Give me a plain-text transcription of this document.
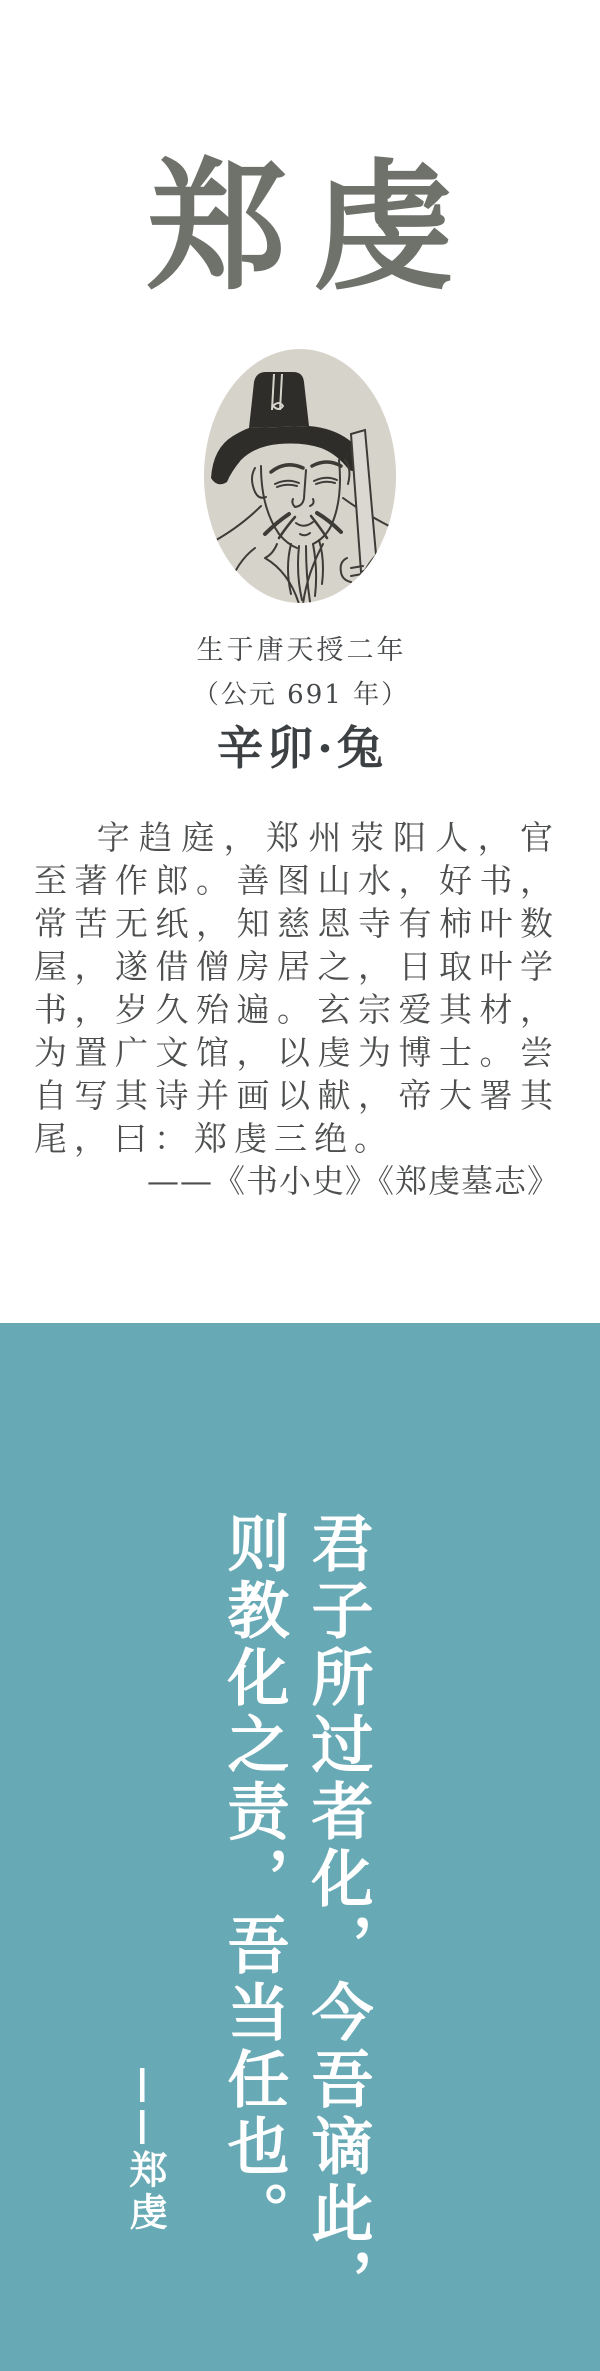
郑虔
生于唐天授二年
（公元 691 年）
辛卯·兔

字趋庭，郑州荥阳人，官至著作郎。善图山水，好书，常苦无纸，知慈恩寺有柿叶数屋，遂借僧房居之，日取叶学书，岁久殆遍。玄宗爱其材，为置广文馆，以虔为博士。尝自写其诗并画以献，帝大署其尾，曰：郑虔三绝。

——《书小史》《郑虔墓志》
君子所过者化，今吾谪此，
则教化之责，吾当任也。
——郑虔
